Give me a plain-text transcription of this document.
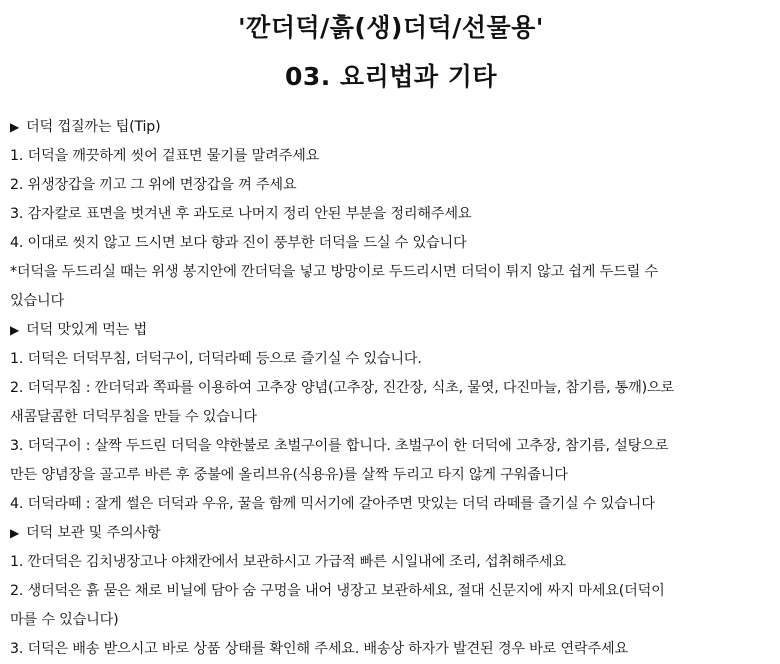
'깐더덕/흙(생)더덕/선물용'
03. 요리법과 기타
▶ 더덕 껍질까는 팁(Tip)
1. 더덕을 깨끗하게 씻어 겉표면 물기를 말려주세요
2. 위생장갑을 끼고 그 위에 면장갑을 껴 주세요
3. 감자칼로 표면을 벗겨낸 후 과도로 나머지 정리 안된 부분을 정리해주세요
4. 이대로 씻지 않고 드시면 보다 향과 진이 풍부한 더덕을 드실 수 있습니다
*더덕을 두드리실 때는 위생 봉지안에 깐더덕을 넣고 방망이로 두드리시면 더덕이 튀지 않고 쉽게 두드릴 수
있습니다
▶ 더덕 맛있게 먹는 법
1. 더덕은 더덕무침, 더덕구이, 더덕라떼 등으로 즐기실 수 있습니다.
2. 더덕무침 : 깐더덕과 쪽파를 이용하여 고추장 양념(고추장, 진간장, 식초, 물엿, 다진마늘, 참기름, 통깨)으로
새콤달콤한 더덕무침을 만들 수 있습니다
3. 더덕구이 : 살짝 두드린 더덕을 약한불로 초벌구이를 합니다. 초벌구이 한 더덕에 고추장, 참기름, 설탕으로
만든 양념장을 골고루 바른 후 중불에 올리브유(식용유)를 살짝 두리고 타지 않게 구워줍니다
4. 더덕라떼 : 잘게 썰은 더덕과 우유, 꿀을 함께 믹서기에 갈아주면 맛있는 더덕 라떼를 즐기실 수 있습니다
▶ 더덕 보관 및 주의사항
1. 깐더덕은 김치냉장고나 야채칸에서 보관하시고 가급적 빠른 시일내에 조리, 섭취해주세요
2. 생더덕은 흙 묻은 채로 비닐에 담아 숨 구멍을 내어 냉장고 보관하세요, 절대 신문지에 싸지 마세요(더덕이
마를 수 있습니다)
3. 더덕은 배송 받으시고 바로 상품 상태를 확인해 주세요. 배송상 하자가 발견된 경우 바로 연락주세요
